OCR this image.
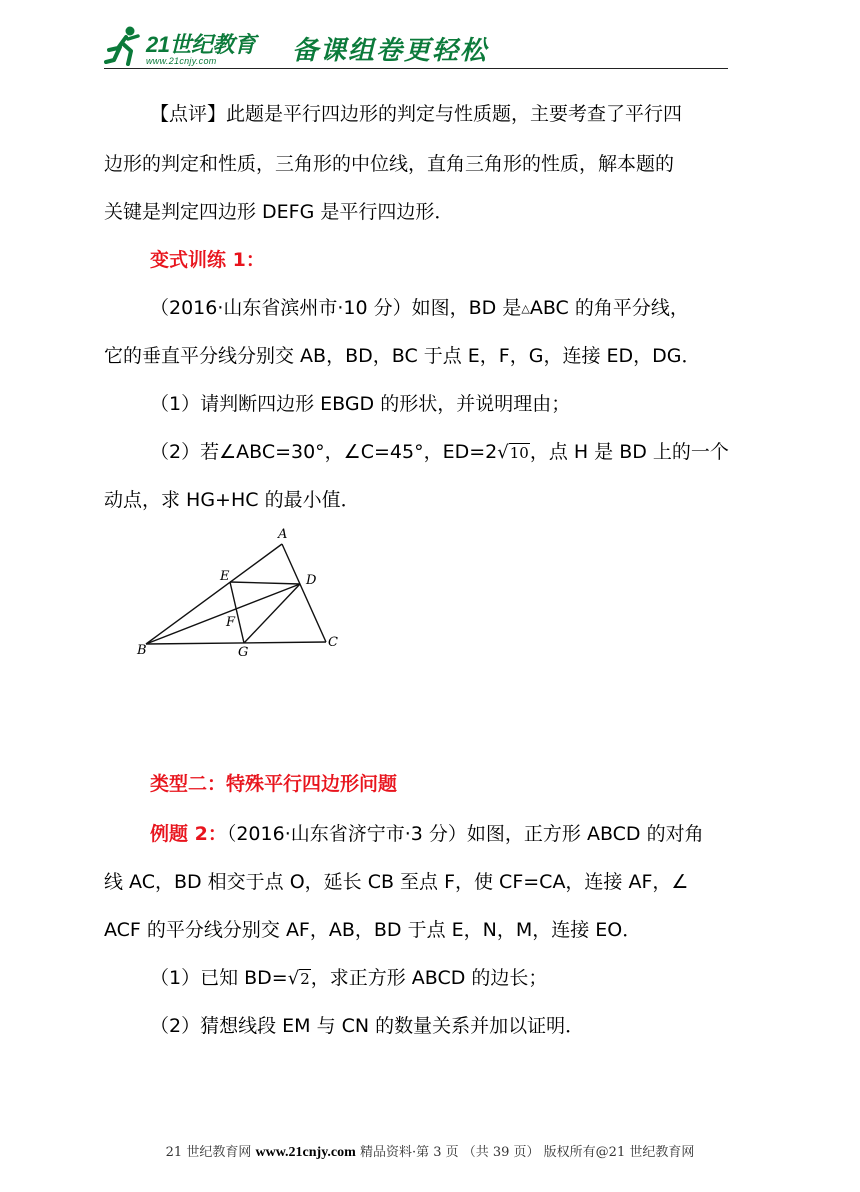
21世纪教育
www.21cnjy.com	备课组卷更轻松
【点评】此题是平行四边形的判定与性质题，主要考查了平行四
边形的判定和性质，三角形的中位线，直角三角形的性质，解本题的
关键是判定四边形 DEFG 是平行四边形．
变式训练 1：
（2016·山东省滨州市·10 分）如图，BD 是△ABC 的角平分线，
它的垂直平分线分别交 AB，BD，BC 于点 E，F，G，连接 ED，DG．
（1）请判断四边形 EBGD 的形状，并说明理由；
（2）若∠ABC=30°，∠C=45°，ED=2√10，点 H 是 BD 上的一个
动点，求 HG+HC 的最小值．
A
E	D
F
B	G
C
类型二：特殊平行四边形问题
例题 2：（2016·山东省济宁市·3 分）如图，正方形 ABCD 的对角
线 AC，BD 相交于点 O，延长 CB 至点 F，使 CF=CA，连接 AF，∠
ACF 的平分线分别交 AF，AB，BD 于点 E，N，M，连接 EO．
（1）已知 BD=√2，求正方形 ABCD 的边长；
（2）猜想线段 EM 与 CN 的数量关系并加以证明．
21 世纪教育网 www.21cnjy.com 精品资料·第 3 页 （共 39 页） 版权所有@21 世纪教育网
